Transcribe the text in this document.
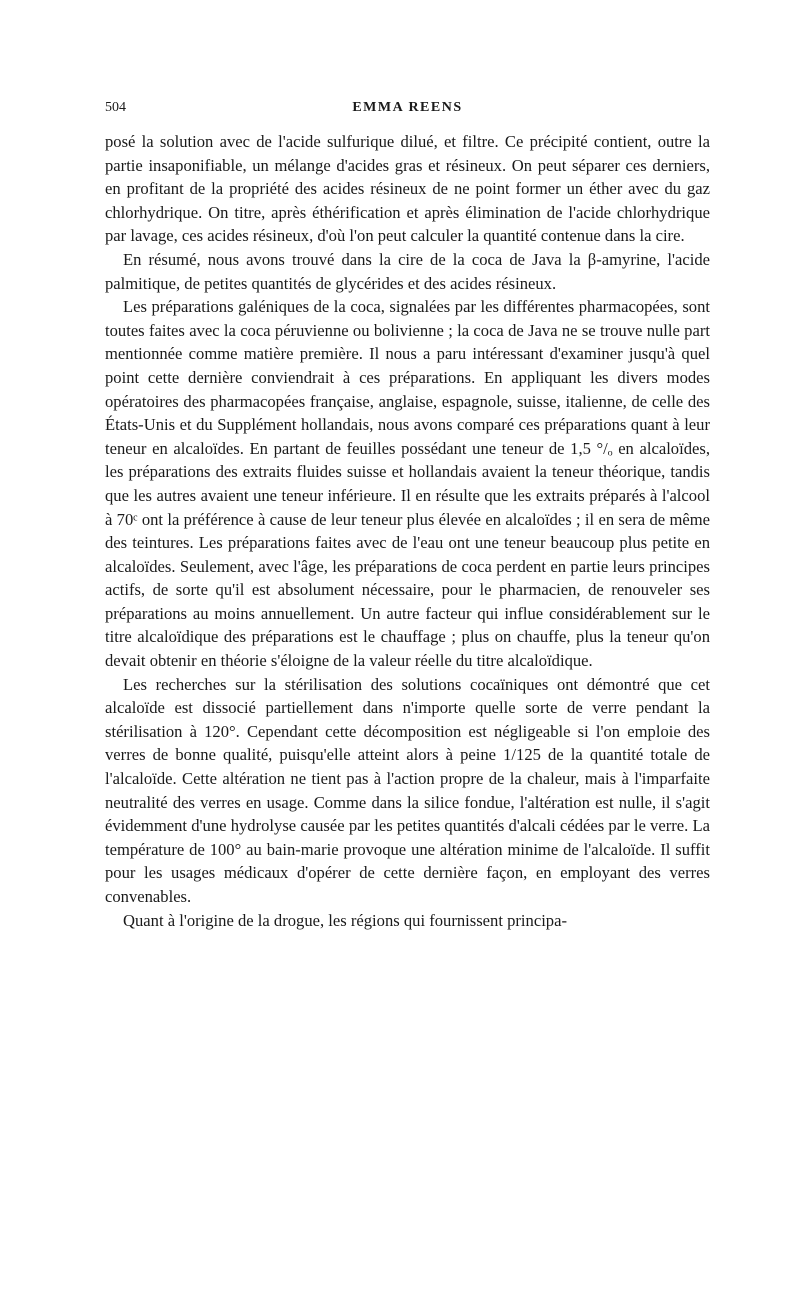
504	EMMA REENS

posé la solution avec de l'acide sulfurique dilué, et filtre. Ce précipité contient, outre la partie insaponifiable, un mélange d'acides gras et résineux. On peut séparer ces derniers, en profitant de la propriété des acides résineux de ne point former un éther avec du gaz chlorhydrique. On titre, après éthérification et après élimination de l'acide chlorhydrique par lavage, ces acides résineux, d'où l'on peut calculer la quantité contenue dans la cire.

En résumé, nous avons trouvé dans la cire de la coca de Java la β-amyrine, l'acide palmitique, de petites quantités de glycérides et des acides résineux.

Les préparations galéniques de la coca, signalées par les différentes pharmacopées, sont toutes faites avec la coca péruvienne ou bolivienne ; la coca de Java ne se trouve nulle part mentionnée comme matière première. Il nous a paru intéressant d'examiner jusqu'à quel point cette dernière conviendrait à ces préparations. En appliquant les divers modes opératoires des pharmacopées française, anglaise, espagnole, suisse, italienne, de celle des États-Unis et du Supplément hollandais, nous avons comparé ces préparations quant à leur teneur en alcaloïdes. En partant de feuilles possédant une teneur de 1,5 °/ₒ en alcaloïdes, les préparations des extraits fluides suisse et hollandais avaient la teneur théorique, tandis que les autres avaient une teneur inférieure. Il en résulte que les extraits préparés à l'alcool à 70ᶜ ont la préférence à cause de leur teneur plus élevée en alcaloïdes ; il en sera de même des teintures. Les préparations faites avec de l'eau ont une teneur beaucoup plus petite en alcaloïdes. Seulement, avec l'âge, les préparations de coca perdent en partie leurs principes actifs, de sorte qu'il est absolument nécessaire, pour le pharmacien, de renouveler ses préparations au moins annuellement. Un autre facteur qui influe considérablement sur le titre alcaloïdique des préparations est le chauffage ; plus on chauffe, plus la teneur qu'on devait obtenir en théorie s'éloigne de la valeur réelle du titre alcaloïdique.

Les recherches sur la stérilisation des solutions cocaïniques ont démontré que cet alcaloïde est dissocié partiellement dans n'importe quelle sorte de verre pendant la stérilisation à 120°. Cependant cette décomposition est négligeable si l'on emploie des verres de bonne qualité, puisqu'elle atteint alors à peine 1/125 de la quantité totale de l'alcaloïde. Cette altération ne tient pas à l'action propre de la chaleur, mais à l'imparfaite neutralité des verres en usage. Comme dans la silice fondue, l'altération est nulle, il s'agit évidemment d'une hydrolyse causée par les petites quantités d'alcali cédées par le verre. La température de 100° au bain-marie provoque une altération minime de l'alcaloïde. Il suffit pour les usages médicaux d'opérer de cette dernière façon, en employant des verres convenables.

Quant à l'origine de la drogue, les régions qui fournissent principa-
